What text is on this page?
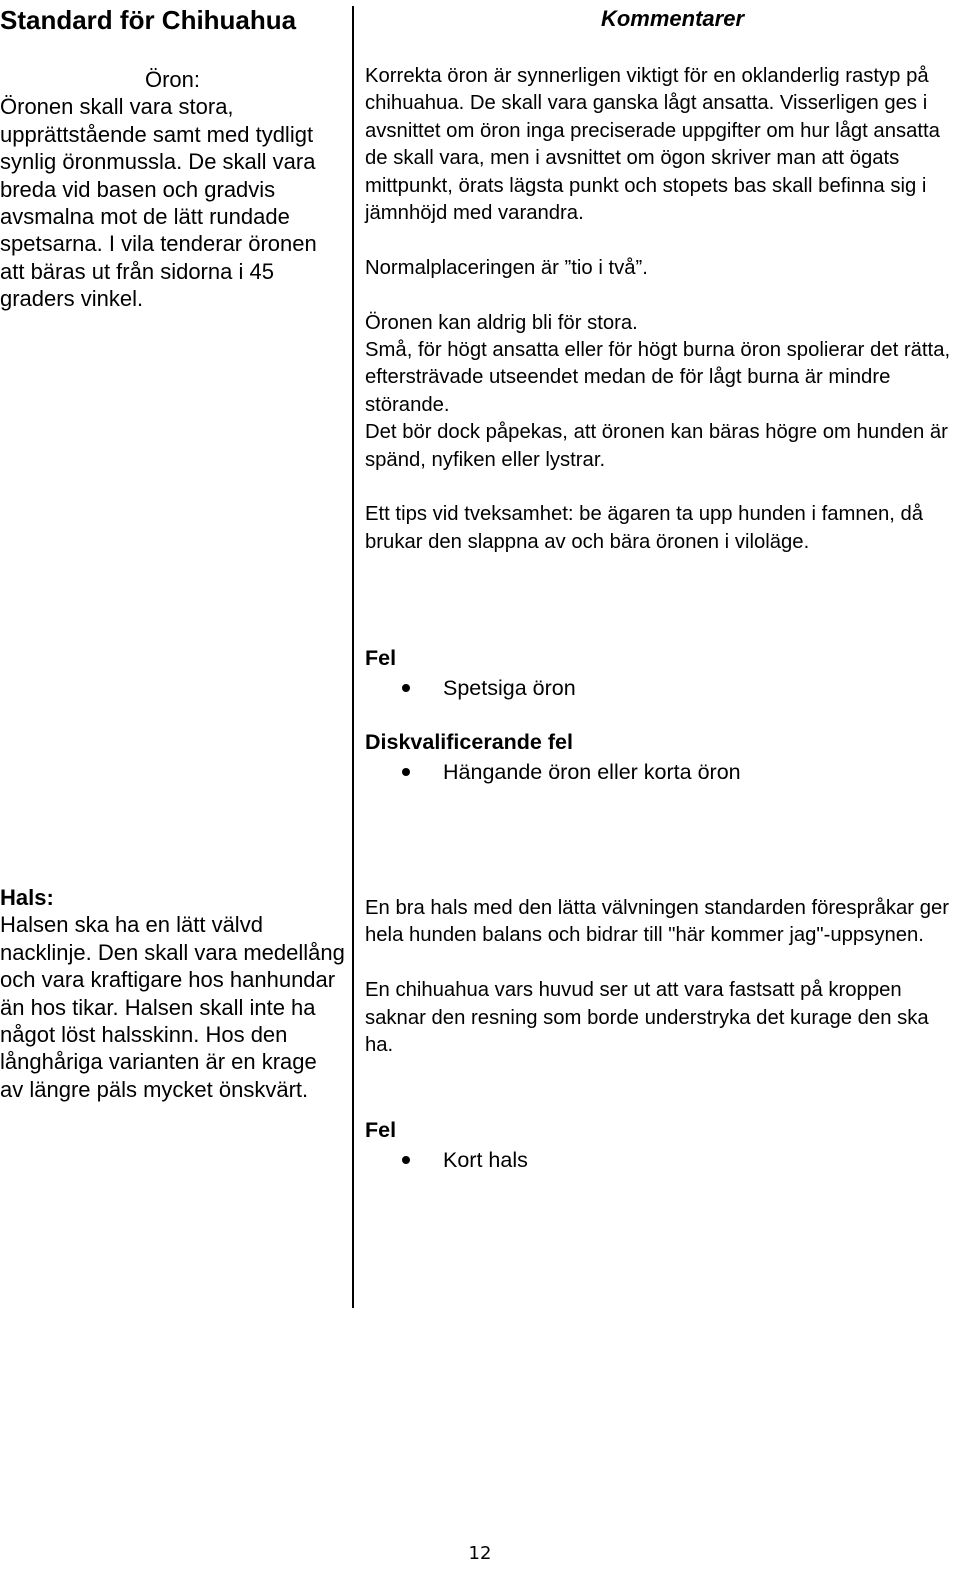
Standard för Chihuahua	Kommentarer
Öron:
Öronen skall vara stora, upprättstående samt med tydligt synlig öronmussla. De skall vara breda vid basen och gradvis avsmalna mot de lätt rundade spetsarna. I vila tenderar öronen att bäras ut från sidorna i 45 graders vinkel.

Korrekta öron är synnerligen viktigt för en oklanderlig rastyp på chihuahua. De skall vara ganska lågt ansatta. Visserligen ges i avsnittet om öron inga preciserade uppgifter om hur lågt ansatta de skall vara, men i avsnittet om ögon skriver man att ögats mittpunkt, örats lägsta punkt och stopets bas skall befinna sig i jämnhöjd med varandra.

Normalplaceringen är ”tio i två”.

Öronen kan aldrig bli för stora.

Små, för högt ansatta eller för högt burna öron spolierar det rätta, eftersträvade utseendet medan de för lågt burna är mindre störande.

Det bör dock påpekas, att öronen kan bäras högre om hunden är spänd, nyfiken eller lystrar.

Ett tips vid tveksamhet: be ägaren ta upp hunden i famnen, då brukar den slappna av och bära öronen i viloläge.

Fel
Spetsiga öron
Diskvalificerande fel
Hängande öron eller korta öron
Hals:
Halsen ska ha en lätt välvd nacklinje. Den skall vara medellång och vara kraftigare hos hanhundar än hos tikar. Halsen skall inte ha något löst halsskinn. Hos den långhåriga varianten är en krage av längre päls mycket önskvärt.

En bra hals med den lätta välvningen standarden förespråkar ger hela hunden balans och bidrar till "här kommer jag"-uppsynen.

En chihuahua vars huvud ser ut att vara fastsatt på kroppen saknar den resning som borde understryka det kurage den ska ha.

Fel
Kort hals
12
